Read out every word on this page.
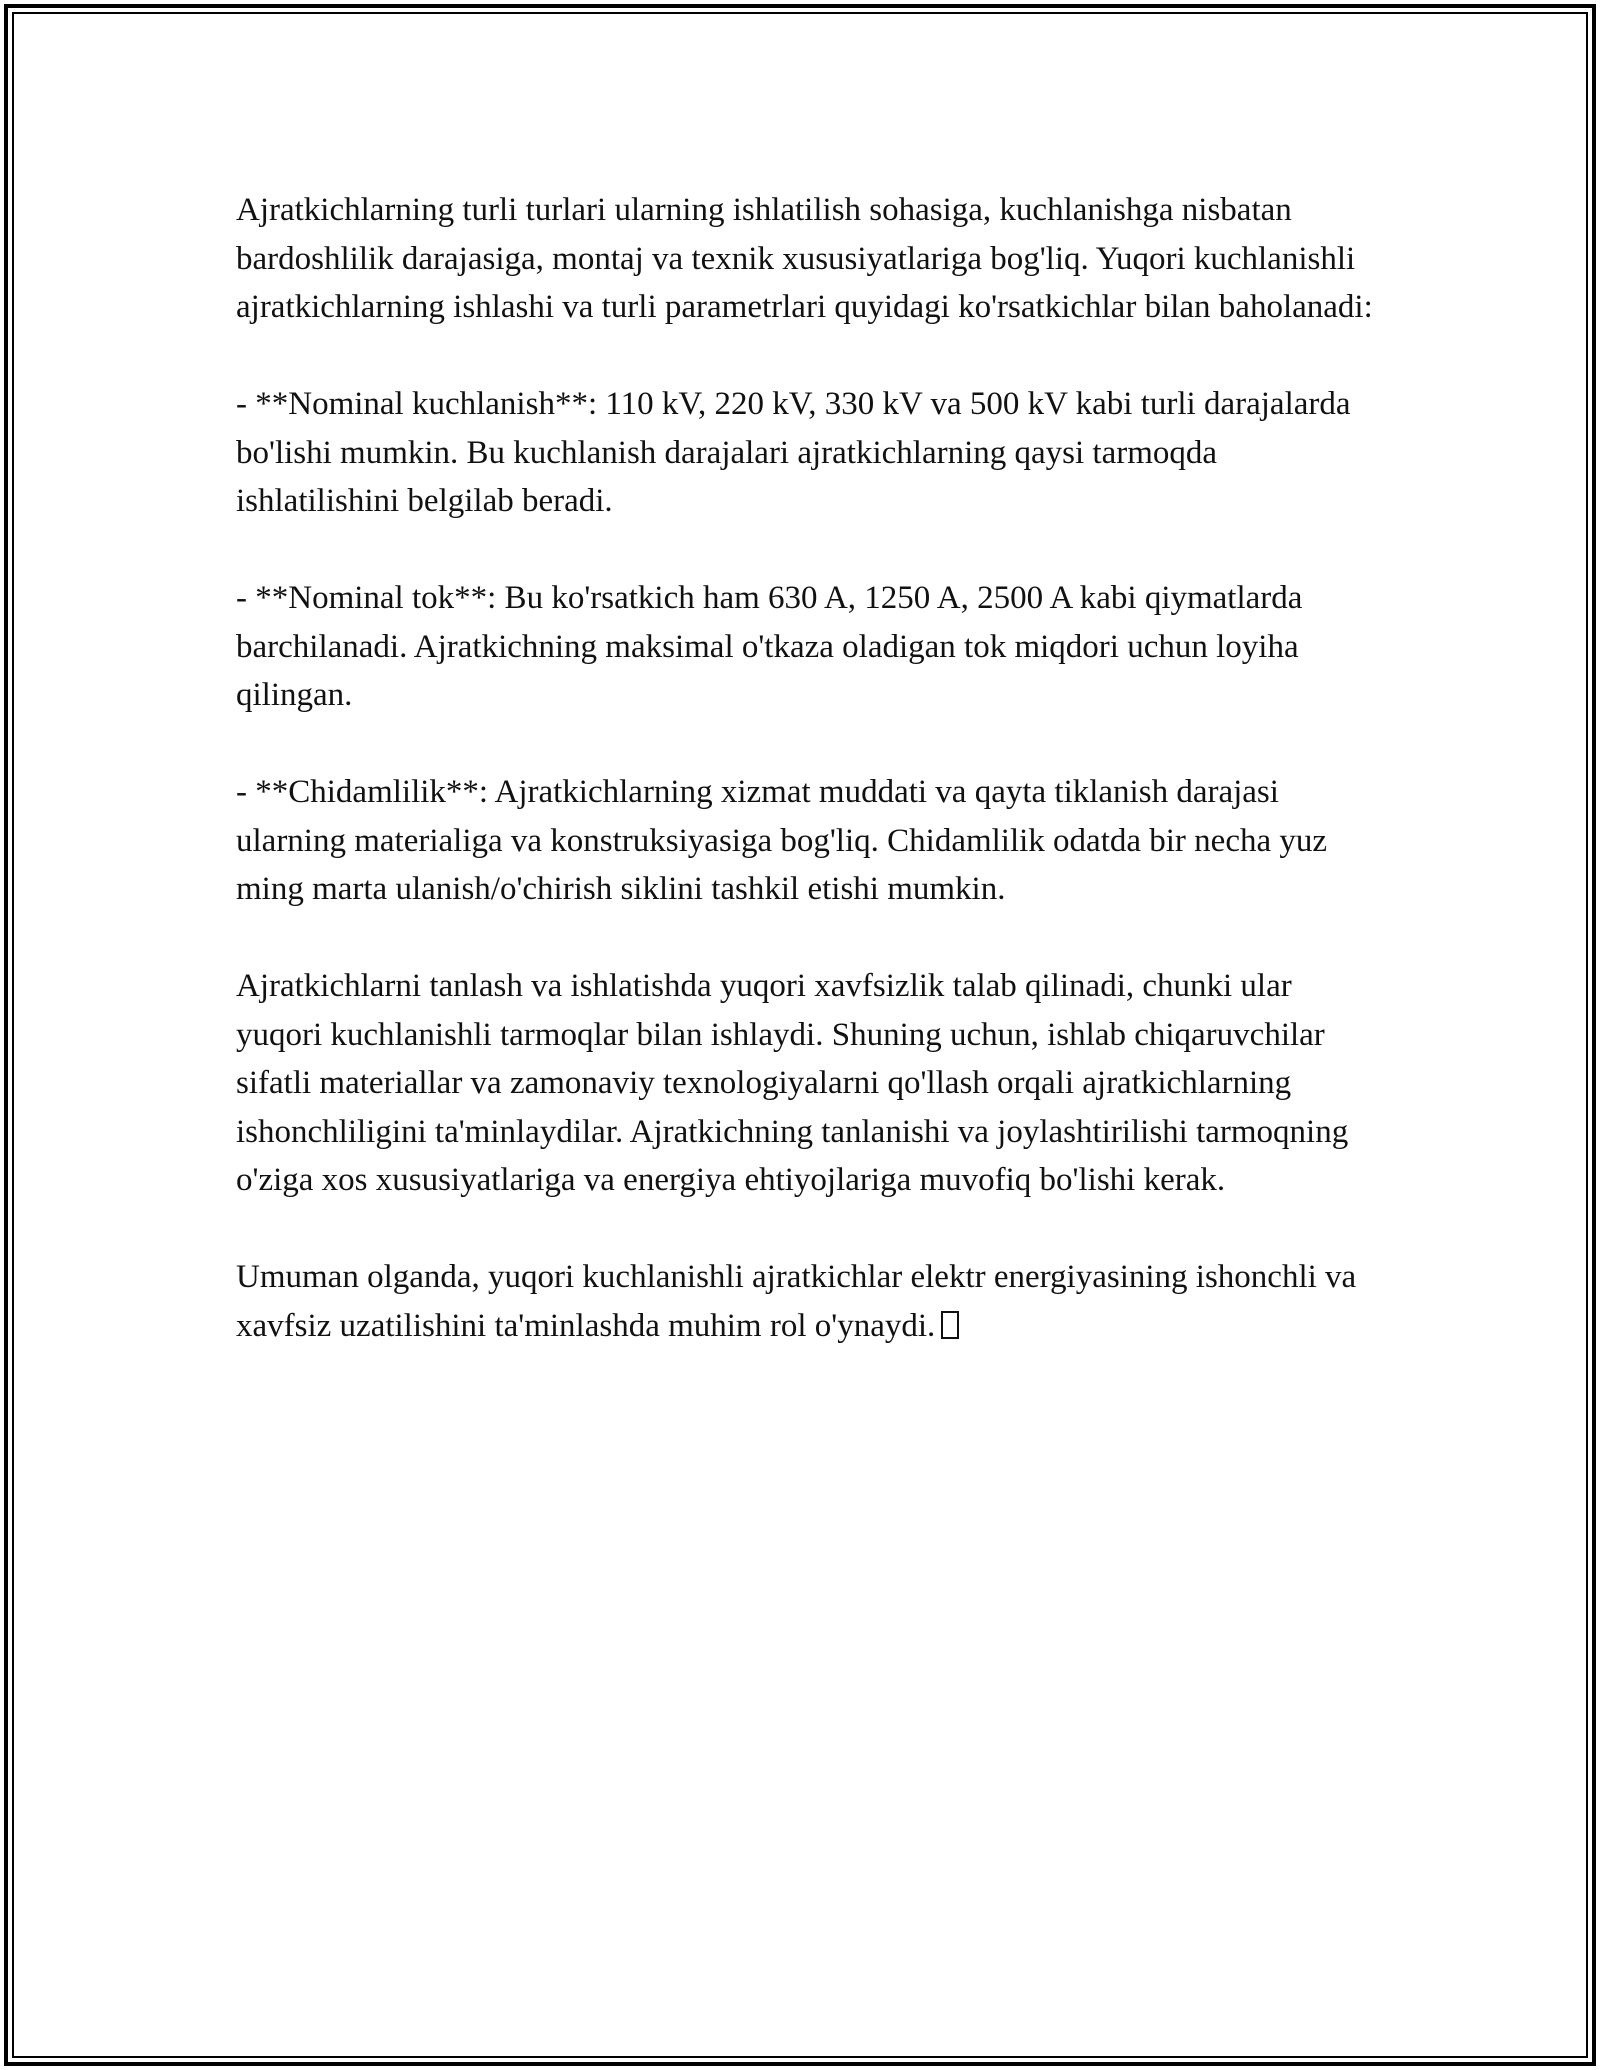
Ajratkichlarning turli turlari ularning ishlatilish sohasiga, kuchlanishga nisbatan bardoshlilik darajasiga, montaj va texnik xususiyatlariga bog'liq. Yuqori kuchlanishli ajratkichlarning ishlashi va turli parametrlari quyidagi ko'rsatkichlar bilan baholanadi:

- **Nominal kuchlanish**: 110 kV, 220 kV, 330 kV va 500 kV kabi turli darajalarda bo'lishi mumkin. Bu kuchlanish darajalari ajratkichlarning qaysi tarmoqda ishlatilishini belgilab beradi.

- **Nominal tok**: Bu ko'rsatkich ham 630 A, 1250 A, 2500 A kabi qiymatlarda barchilanadi. Ajratkichning maksimal o'tkaza oladigan tok miqdori uchun loyiha qilingan.

- **Chidamlilik**: Ajratkichlarning xizmat muddati va qayta tiklanish darajasi ularning materialiga va konstruksiyasiga bog'liq. Chidamlilik odatda bir necha yuz ming marta ulanish/o'chirish siklini tashkil etishi mumkin.

Ajratkichlarni tanlash va ishlatishda yuqori xavfsizlik talab qilinadi, chunki ular yuqori kuchlanishli tarmoqlar bilan ishlaydi. Shuning uchun, ishlab chiqaruvchilar sifatli materiallar va zamonaviy texnologiyalarni qo'llash orqali ajratkichlarning ishonchliligini ta'minlaydilar. Ajratkichning tanlanishi va joylashtirilishi tarmoqning o'ziga xos xususiyatlariga va energiya ehtiyojlariga muvofiq bo'lishi kerak.

Umuman olganda, yuqori kuchlanishli ajratkichlar elektr energiyasining ishonchli va xavfsiz uzatilishini ta'minlashda muhim rol o'ynaydi.
